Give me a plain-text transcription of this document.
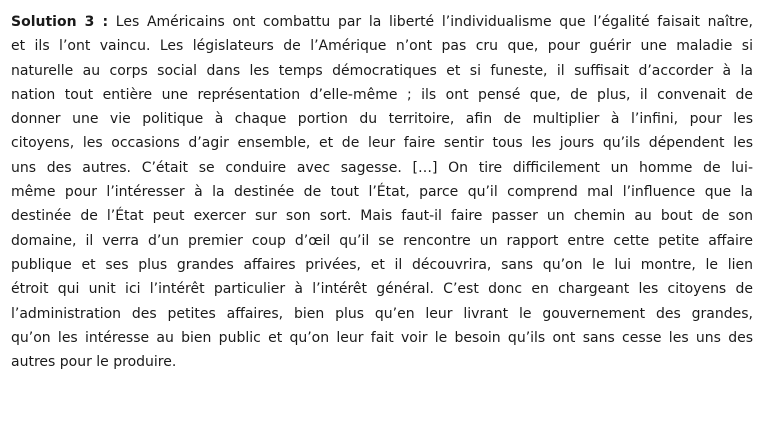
Solution 3 : Les Américains ont combattu par la liberté l’individualisme que l’égalité faisait naître,
et ils l’ont vaincu. Les législateurs de l’Amérique n’ont pas cru que, pour guérir une maladie si
naturelle au corps social dans les temps démocratiques et si funeste, il suffisait d’accorder à la
nation tout entière une représentation d’elle-même ; ils ont pensé que, de plus, il convenait de
donner une vie politique à chaque portion du territoire, afin de multiplier à l’infini, pour les
citoyens, les occasions d’agir ensemble, et de leur faire sentir tous les jours qu’ils dépendent les
uns des autres. C’était se conduire avec sagesse. […] On tire difficilement un homme de lui-
même pour l’intéresser à la destinée de tout l’État, parce qu’il comprend mal l’influence que la
destinée de l’État peut exercer sur son sort. Mais faut-il faire passer un chemin au bout de son
domaine, il verra d’un premier coup d’œil qu’il se rencontre un rapport entre cette petite affaire
publique et ses plus grandes affaires privées, et il découvrira, sans qu’on le lui montre, le lien
étroit qui unit ici l’intérêt particulier à l’intérêt général. C’est donc en chargeant les citoyens de
l’administration des petites affaires, bien plus qu’en leur livrant le gouvernement des grandes,
qu’on les intéresse au bien public et qu’on leur fait voir le besoin qu’ils ont sans cesse les uns des
autres pour le produire.
